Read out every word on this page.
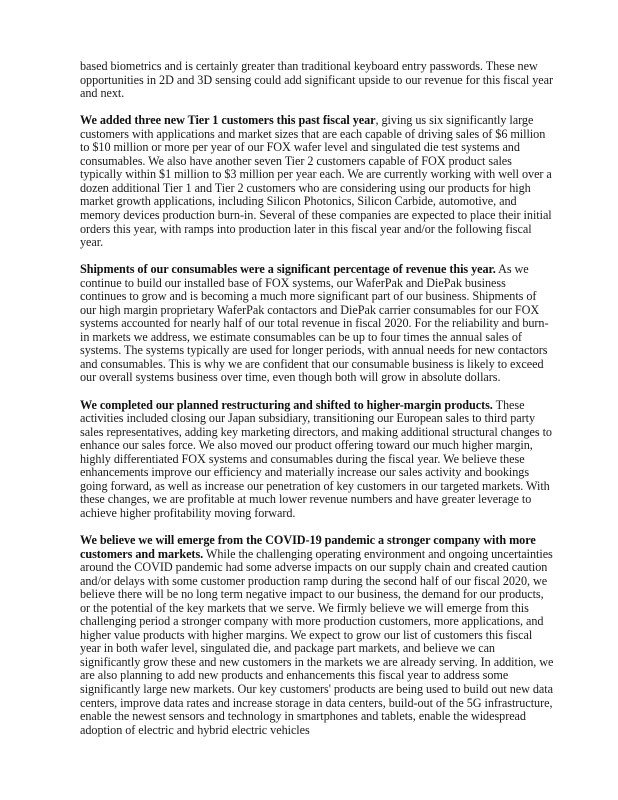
based biometrics and is certainly greater than traditional keyboard entry passwords. These new opportunities in 2D and 3D sensing could add significant upside to our revenue for this fiscal year and next.

We added three new Tier 1 customers this past fiscal year, giving us six significantly large customers with applications and market sizes that are each capable of driving sales of $6 million to $10 million or more per year of our FOX wafer level and singulated die test systems and consumables. We also have another seven Tier 2 customers capable of FOX product sales typically within $1 million to $3 million per year each. We are currently working with well over a dozen additional Tier 1 and Tier 2 customers who are considering using our products for high market growth applications, including Silicon Photonics, Silicon Carbide, automotive, and memory devices production burn-in. Several of these companies are expected to place their initial orders this year, with ramps into production later in this fiscal year and/or the following fiscal year.

Shipments of our consumables were a significant percentage of revenue this year. As we continue to build our installed base of FOX systems, our WaferPak and DiePak business continues to grow and is becoming a much more significant part of our business. Shipments of our high margin proprietary WaferPak contactors and DiePak carrier consumables for our FOX systems accounted for nearly half of our total revenue in fiscal 2020. For the reliability and burn-in markets we address, we estimate consumables can be up to four times the annual sales of systems. The systems typically are used for longer periods, with annual needs for new contactors and consumables. This is why we are confident that our consumable business is likely to exceed our overall systems business over time, even though both will grow in absolute dollars.

We completed our planned restructuring and shifted to higher-margin products. These activities included closing our Japan subsidiary, transitioning our European sales to third party sales representatives, adding key marketing directors, and making additional structural changes to enhance our sales force. We also moved our product offering toward our much higher margin, highly differentiated FOX systems and consumables during the fiscal year. We believe these enhancements improve our efficiency and materially increase our sales activity and bookings going forward, as well as increase our penetration of key customers in our targeted markets. With these changes, we are profitable at much lower revenue numbers and have greater leverage to achieve higher profitability moving forward.

We believe we will emerge from the COVID-19 pandemic a stronger company with more customers and markets. While the challenging operating environment and ongoing uncertainties around the COVID pandemic had some adverse impacts on our supply chain and created caution and/or delays with some customer production ramp during the second half of our fiscal 2020, we believe there will be no long term negative impact to our business, the demand for our products, or the potential of the key markets that we serve. We firmly believe we will emerge from this challenging period a stronger company with more production customers, more applications, and higher value products with higher margins. We expect to grow our list of customers this fiscal year in both wafer level, singulated die, and package part markets, and believe we can significantly grow these and new customers in the markets we are already serving. In addition, we are also planning to add new products and enhancements this fiscal year to address some significantly large new markets. Our key customers' products are being used to build out new data centers, improve data rates and increase storage in data centers, build-out of the 5G infrastructure, enable the newest sensors and technology in smartphones and tablets, enable the widespread adoption of electric and hybrid electric vehicles
